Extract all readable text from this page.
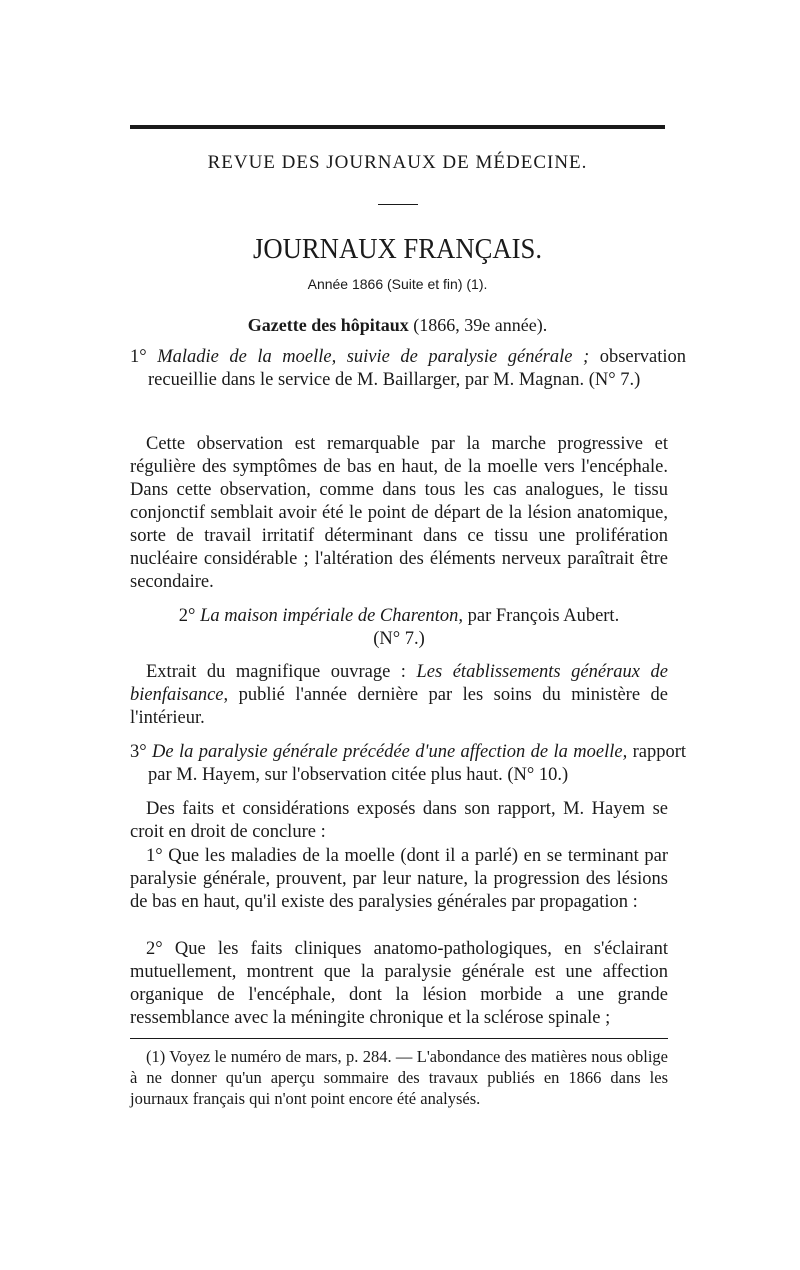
REVUE DES JOURNAUX DE MÉDECINE.
JOURNAUX FRANÇAIS.
Année 1866 (Suite et fin) (1).
Gazette des hôpitaux (1866, 39e année).
1° Maladie de la moelle, suivie de paralysie générale ; observation recueillie dans le service de M. Baillarger, par M. Magnan. (N° 7.)
Cette observation est remarquable par la marche progressive et régulière des symptômes de bas en haut, de la moelle vers l'encéphale. Dans cette observation, comme dans tous les cas analogues, le tissu conjonctif semblait avoir été le point de départ de la lésion anatomique, sorte de travail irritatif déterminant dans ce tissu une prolifération nucléaire considérable ; l'altération des éléments nerveux paraîtrait être secondaire.
2° La maison impériale de Charenton, par François Aubert.
(N° 7.)
Extrait du magnifique ouvrage : Les établissements généraux de bienfaisance, publié l'année dernière par les soins du ministère de l'intérieur.
3° De la paralysie générale précédée d'une affection de la moelle, rapport par M. Hayem, sur l'observation citée plus haut. (N° 10.)
Des faits et considérations exposés dans son rapport, M. Hayem se croit en droit de conclure :
1° Que les maladies de la moelle (dont il a parlé) en se terminant par paralysie générale, prouvent, par leur nature, la progression des lésions de bas en haut, qu'il existe des paralysies générales par propagation :
2° Que les faits cliniques anatomo-pathologiques, en s'éclairant mutuellement, montrent que la paralysie générale est une affection organique de l'encéphale, dont la lésion morbide a une grande ressemblance avec la méningite chronique et la sclérose spinale ;
(1) Voyez le numéro de mars, p. 284. — L'abondance des matières nous oblige à ne donner qu'un aperçu sommaire des travaux publiés en 1866 dans les journaux français qui n'ont point encore été analysés.
